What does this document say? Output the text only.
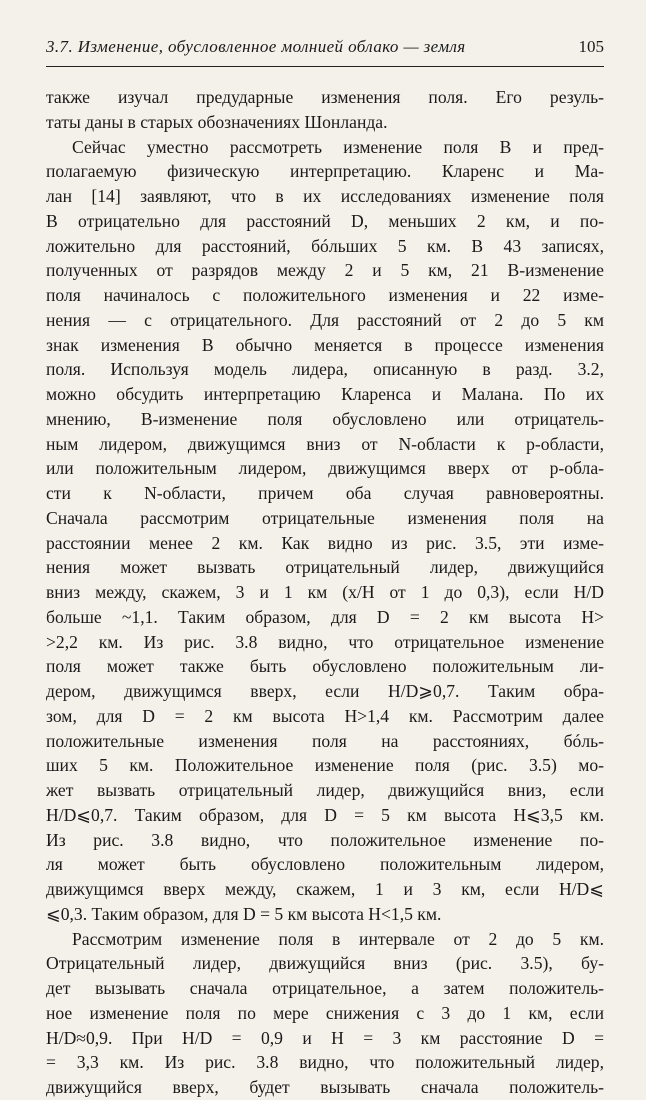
3.7. Изменение, обусловленное молнией облако — земля	105
также изучал предударные изменения поля. Его резуль-
таты даны в старых обозначениях Шонланда.
Сейчас уместно рассмотреть изменение поля B и пред-
полагаемую физическую интерпретацию. Кларенс и Ма-
лан [14] заявляют, что в их исследованиях изменение поля
B отрицательно для расстояний D, меньших 2 км, и по-
ложительно для расстояний, бóльших 5 км. В 43 записях,
полученных от разрядов между 2 и 5 км, 21 B-изменение
поля начиналось с положительного изменения и 22 изме-
нения — с отрицательного. Для расстояний от 2 до 5 км
знак изменения B обычно меняется в процессе изменения
поля. Используя модель лидера, описанную в разд. 3.2,
можно обсудить интерпретацию Кларенса и Малана. По их
мнению, B-изменение поля обусловлено или отрицатель-
ным лидером, движущимся вниз от N-области к p-области,
или положительным лидером, движущимся вверх от p-обла-
сти к N-области, причем оба случая равновероятны.
Сначала рассмотрим отрицательные изменения поля на
расстоянии менее 2 км. Как видно из рис. 3.5, эти изме-
нения может вызвать отрицательный лидер, движущийся
вниз между, скажем, 3 и 1 км (x/H от 1 до 0,3), если H/D
больше ~1,1. Таким образом, для D = 2 км высота H>
>2,2 км. Из рис. 3.8 видно, что отрицательное изменение
поля может также быть обусловлено положительным ли-
дером, движущимся вверх, если H/D⩾0,7. Таким обра-
зом, для D = 2 км высота H>1,4 км. Рассмотрим далее
положительные изменения поля на расстояниях, бóль-
ших 5 км. Положительное изменение поля (рис. 3.5) мо-
жет вызвать отрицательный лидер, движущийся вниз, если
H/D⩽0,7. Таким образом, для D = 5 км высота H⩽3,5 км.
Из рис. 3.8 видно, что положительное изменение по-
ля может быть обусловлено положительным лидером,
движущимся вверх между, скажем, 1 и 3 км, если H/D⩽
⩽0,3. Таким образом, для D = 5 км высота H<1,5 км.
Рассмотрим изменение поля в интервале от 2 до 5 км.
Отрицательный лидер, движущийся вниз (рис. 3.5), бу-
дет вызывать сначала отрицательное, а затем положитель-
ное изменение поля по мере снижения с 3 до 1 км, если
H/D≈0,9. При H/D = 0,9 и H = 3 км расстояние D =
= 3,3 км. Из рис. 3.8 видно, что положительный лидер,
движущийся вверх, будет вызывать сначала положитель-
